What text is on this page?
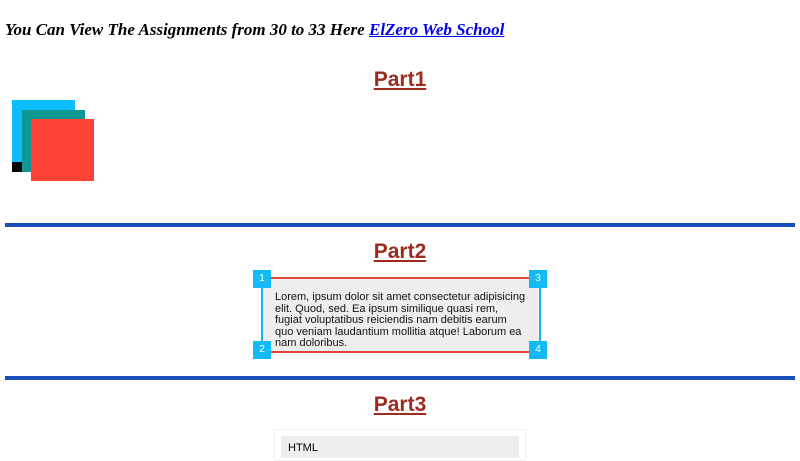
You Can View The Assignments from 30 to 33 Here ElZero Web School
Part1
Part2

Lorem, ipsum dolor sit amet consectetur adipisicing elit. Quod, sed. Ea ipsum similique quasi rem, fugiat voluptatibus reiciendis nam debitis earum quo veniam laudantium mollitia atque! Laborum ea nam doloribus.

1
2
3
4
Part3
HTML
